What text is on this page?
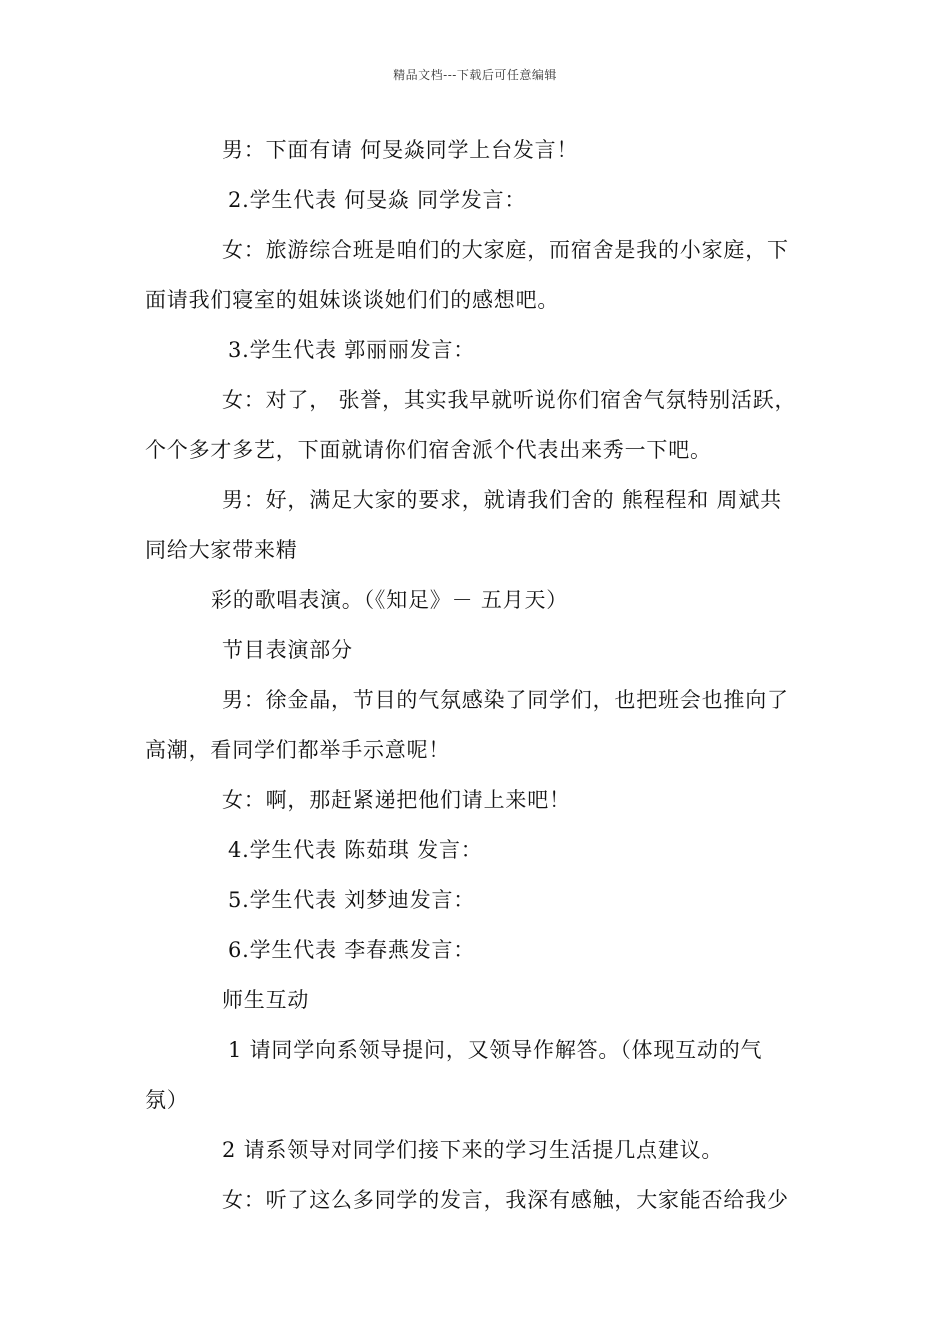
精品文档---下载后可任意编辑
男：下面有请 何旻焱同学上台发言！
2.学生代表 何旻焱 同学发言：
女：旅游综合班是咱们的大家庭，而宿舍是我的小家庭，下
面请我们寝室的姐妹谈谈她们们的感想吧。
3.学生代表 郭丽丽发言：
女：对了， 张誉，其实我早就听说你们宿舍气氛特别活跃，
个个多才多艺，下面就请你们宿舍派个代表出来秀一下吧。
男：好，满足大家的要求，就请我们舍的 熊程程和 周斌共
同给大家带来精
彩的歌唱表演。（《知足》－ 五月天）
节目表演部分
男：徐金晶，节目的气氛感染了同学们，也把班会也推向了
高潮，看同学们都举手示意呢！
女：啊，那赶紧递把他们请上来吧！
4.学生代表 陈茹琪 发言：
5.学生代表 刘梦迪发言：
6.学生代表 李春燕发言：
师生互动
1 请同学向系领导提问，又领导作解答。（体现互动的气
氛）
2 请系领导对同学们接下来的学习生活提几点建议。
女：听了这么多同学的发言，我深有感触，大家能否给我少
